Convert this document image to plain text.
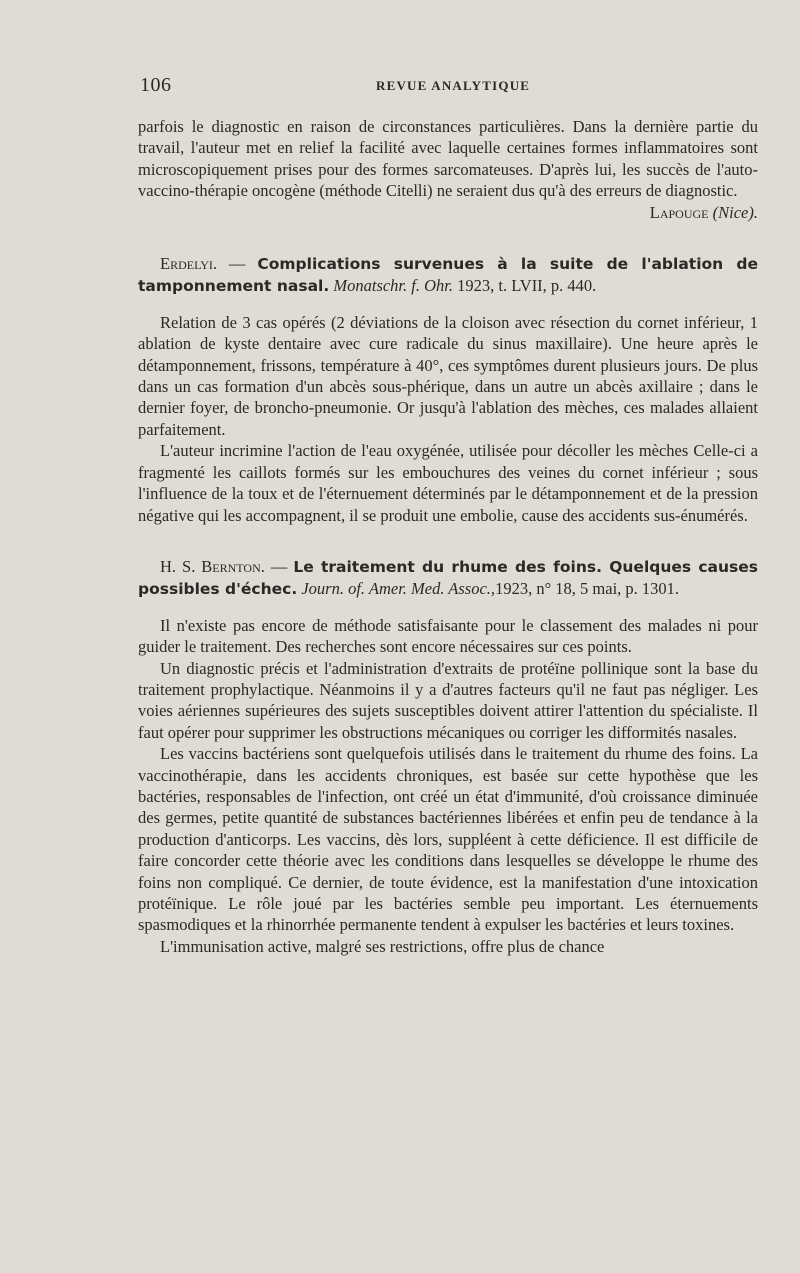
106	REVUE ANALYTIQUE

parfois le diagnostic en raison de circonstances particulières. Dans la dernière partie du travail, l'auteur met en relief la facilité avec laquelle certaines formes inflammatoires sont microscopiquement prises pour des formes sarcomateuses. D'après lui, les succès de l'auto-vaccino-thérapie oncogène (méthode Citelli) ne seraient dus qu'à des erreurs de diagnostic.

Lapouge (Nice).

Erdelyi. — Complications survenues à la suite de l'ablation de tamponnement nasal. Monatschr. f. Ohr. 1923, t. LVII, p. 440.

Relation de 3 cas opérés (2 déviations de la cloison avec résection du cornet inférieur, 1 ablation de kyste dentaire avec cure radicale du sinus maxillaire). Une heure après le détamponnement, frissons, température à 40°, ces symptômes durent plusieurs jours. De plus dans un cas formation d'un abcès sous-phérique, dans un autre un abcès axillaire ; dans le dernier foyer, de broncho-pneumonie. Or jusqu'à l'ablation des mèches, ces malades allaient parfaitement.

L'auteur incrimine l'action de l'eau oxygénée, utilisée pour décoller les mèches Celle-ci a fragmenté les caillots formés sur les embouchures des veines du cornet inférieur ; sous l'influence de la toux et de l'éternuement déterminés par le détamponnement et de la pression négative qui les accompagnent, il se produit une embolie, cause des accidents sus-énumérés.

H. S. Bernton. — Le traitement du rhume des foins. Quelques causes possibles d'échec. Journ. of. Amer. Med. Assoc.,1923, n° 18, 5 mai, p. 1301.

Il n'existe pas encore de méthode satisfaisante pour le classement des malades ni pour guider le traitement. Des recherches sont encore nécessaires sur ces points.

Un diagnostic précis et l'administration d'extraits de protéïne pollinique sont la base du traitement prophylactique. Néanmoins il y a d'autres facteurs qu'il ne faut pas négliger. Les voies aériennes supérieures des sujets susceptibles doivent attirer l'attention du spécialiste. Il faut opérer pour supprimer les obstructions mécaniques ou corriger les difformités nasales.

Les vaccins bactériens sont quelquefois utilisés dans le traitement du rhume des foins. La vaccinothérapie, dans les accidents chroniques, est basée sur cette hypothèse que les bactéries, responsables de l'infection, ont créé un état d'immunité, d'où croissance diminuée des germes, petite quantité de substances bactériennes libérées et enfin peu de tendance à la production d'anticorps. Les vaccins, dès lors, suppléent à cette déficience. Il est difficile de faire concorder cette théorie avec les conditions dans lesquelles se développe le rhume des foins non compliqué. Ce dernier, de toute évidence, est la manifestation d'une intoxication protéïnique. Le rôle joué par les bactéries semble peu important. Les éternuements spasmodiques et la rhinorrhée permanente tendent à expulser les bactéries et leurs toxines.

L'immunisation active, malgré ses restrictions, offre plus de chance
